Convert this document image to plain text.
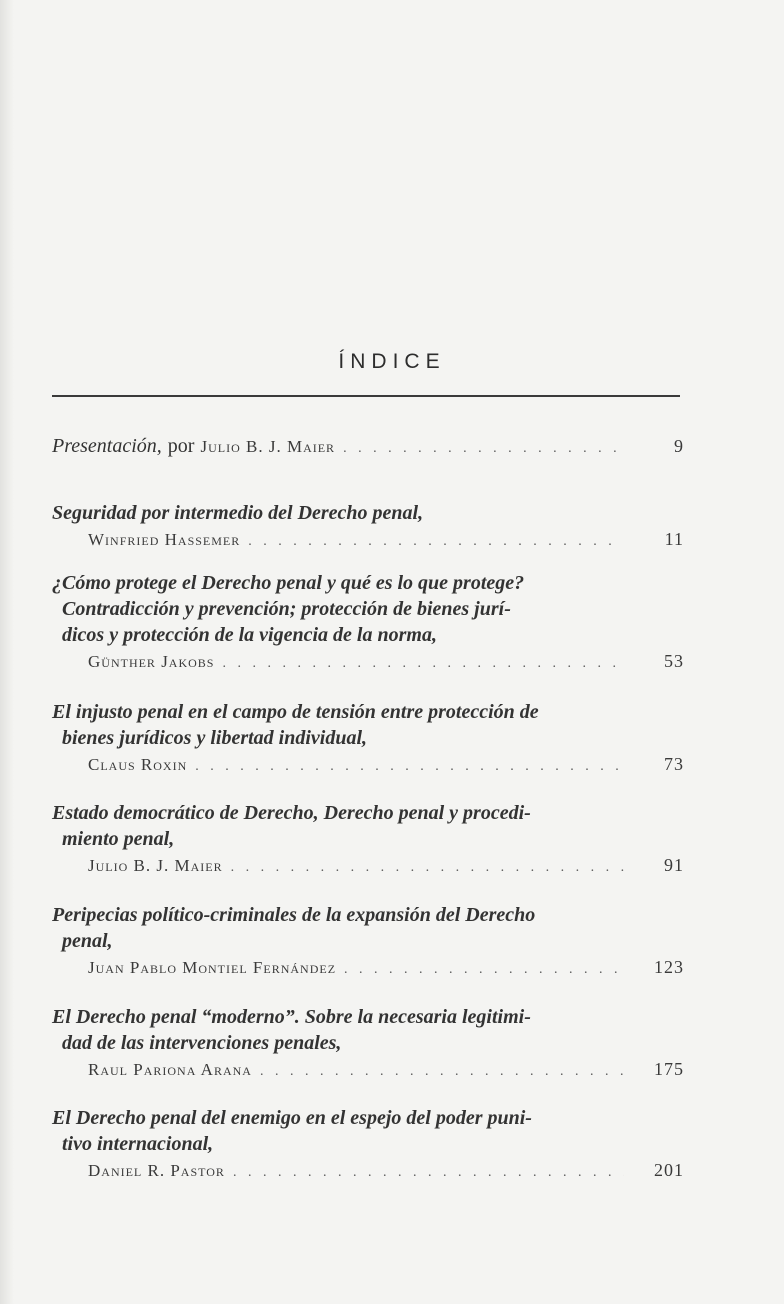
ÍNDICE
Presentación, por Julio B. J. Maier . . .	9
Seguridad por intermedio del Derecho penal,
Winfried Hassemer . . .	11
¿Cómo protege el Derecho penal y qué es lo que protege?
Contradicción y prevención; protección de bienes jurí-
dicos y protección de la vigencia de la norma,
Günther Jakobs . . .	53
El injusto penal en el campo de tensión entre protección de
bienes jurídicos y libertad individual,
Claus Roxin . . .	73
Estado democrático de Derecho, Derecho penal y procedi-
miento penal,
Julio B. J. Maier . . .	91
Peripecias político-criminales de la expansión del Derecho
penal,
Juan Pablo Montiel Fernández . . .	123
El Derecho penal “moderno”. Sobre la necesaria legitimi-
dad de las intervenciones penales,
Raul Pariona Arana . . .	175
El Derecho penal del enemigo en el espejo del poder puni-
tivo internacional,
Daniel R. Pastor . . .	201
